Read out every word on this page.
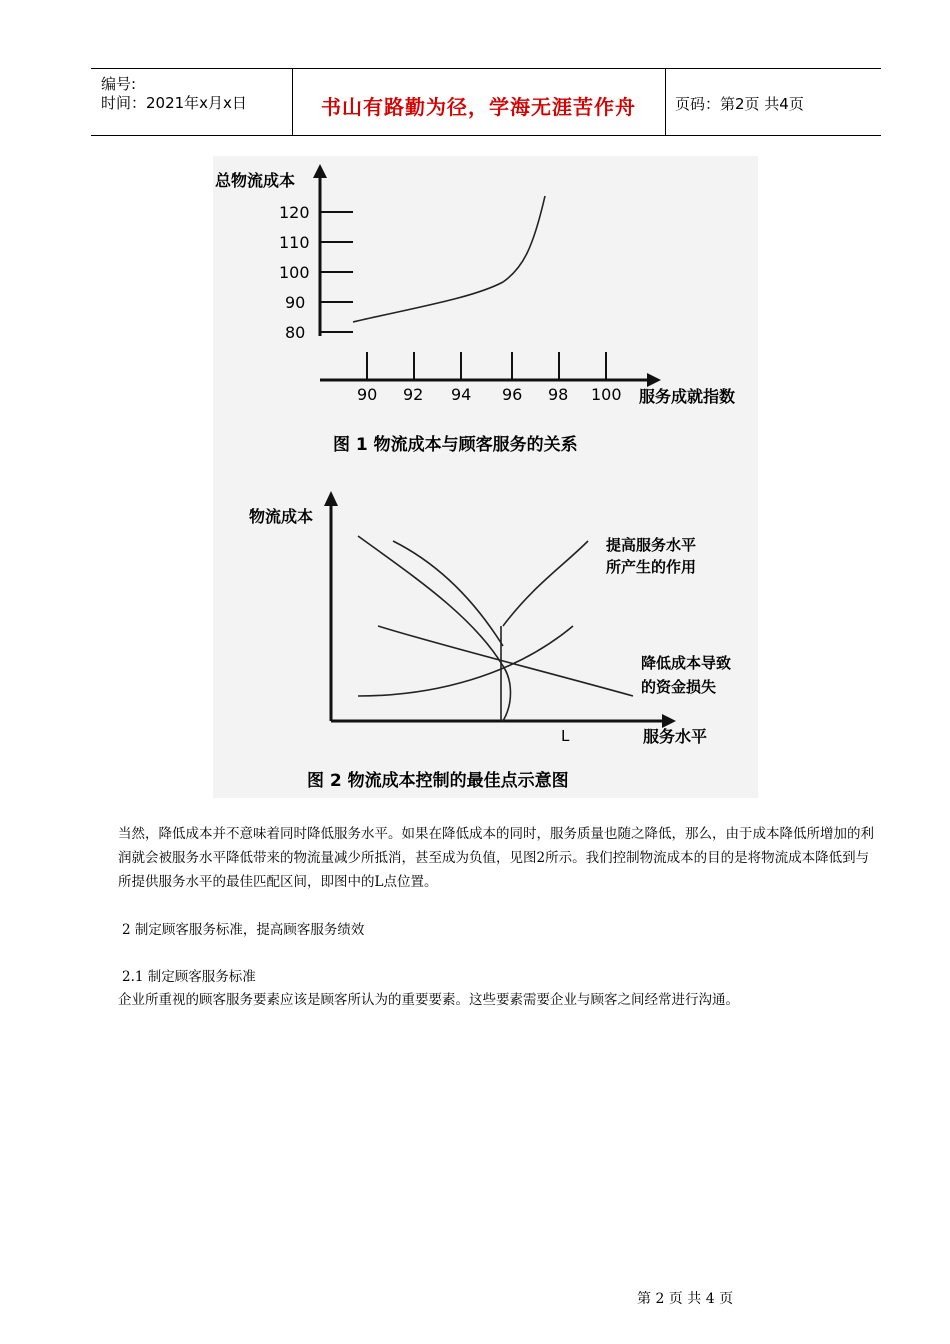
编号:
时间：2021年x月x日	书山有路勤为径，学海无涯苦作舟	页码：第2页 共4页
总物流成本
120
110
100
90
80
90 92 94 96 98 100 服务成就指数
图 1 物流成本与顾客服务的关系
物流成本
提高服务水平
所产生的作用
降低成本导致
的资金损失
L	服务水平
图 2 物流成本控制的最佳点示意图
当然，降低成本并不意味着同时降低服务水平。如果在降低成本的同时，服务质量也随之降低，那么，由于成本降低所增加的利润就会被服务水平降低带来的物流量减少所抵消，甚至成为负值，见图2所示。我们控制物流成本的目的是将物流成本降低到与所提供服务水平的最佳匹配区间，即图中的L点位置。
2 制定顾客服务标准，提高顾客服务绩效
2.1 制定顾客服务标准
企业所重视的顾客服务要素应该是顾客所认为的重要要素。这些要素需要企业与顾客之间经常进行沟通。
第 2 页 共 4 页
